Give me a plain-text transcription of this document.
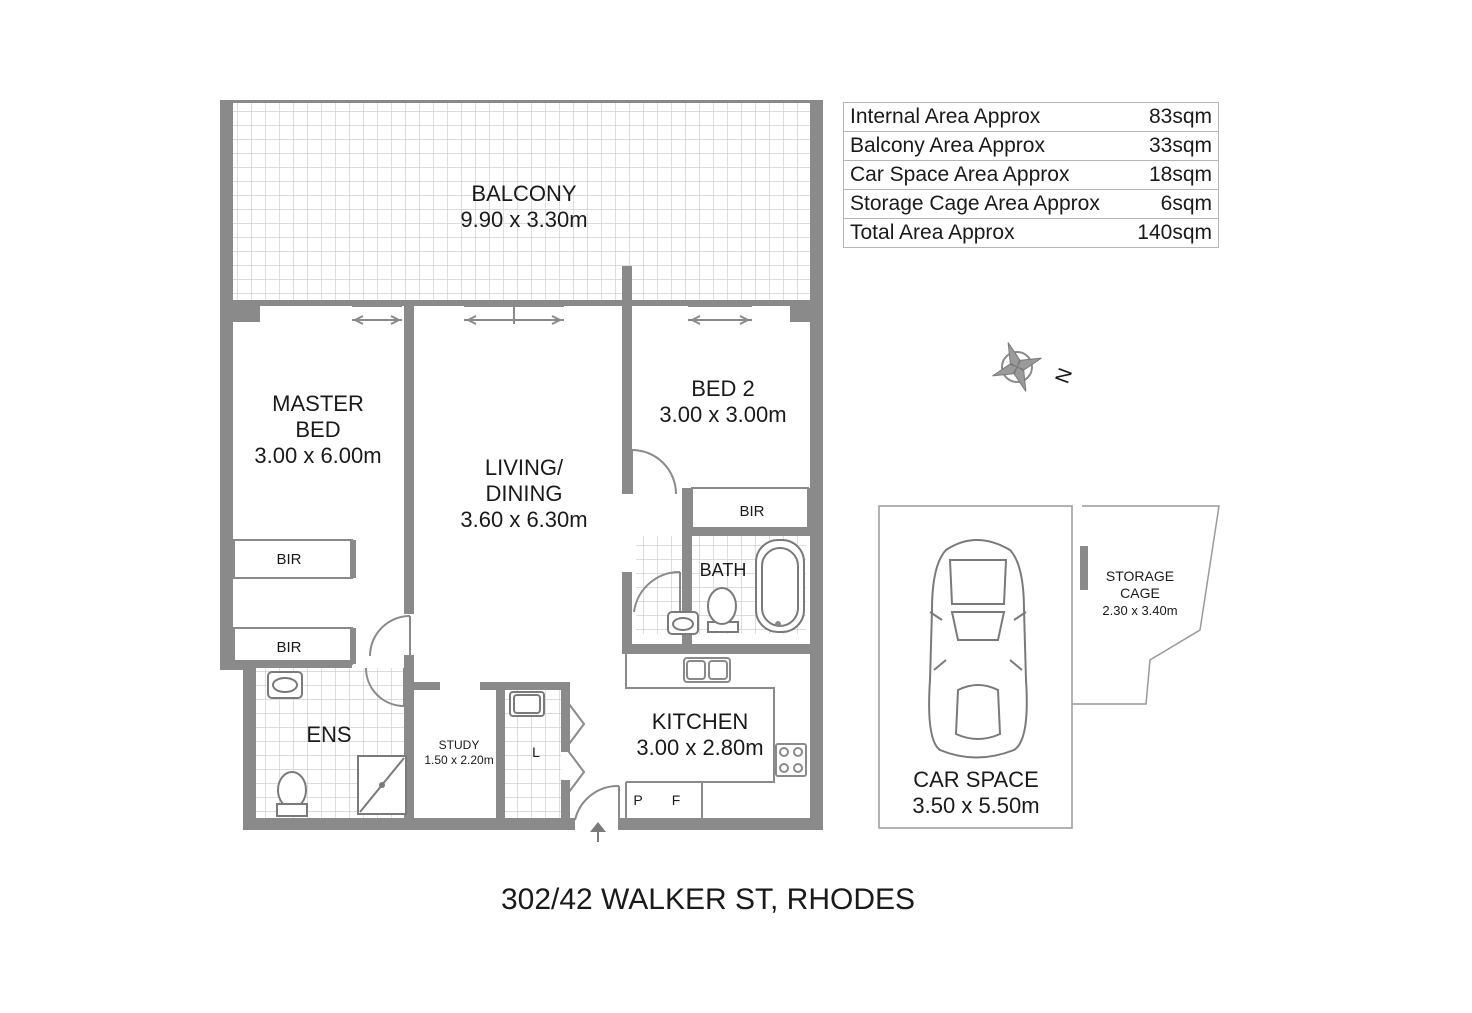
N
BALCONY
9.90 x 3.30m
MASTER
BED
3.00 x 6.00m	LIVING/
DINING
3.60 x 6.30m
BED 2
3.00 x 3.00m
BIR
BIR
BIR
BATH
ENS	STUDY
1.50 x 2.20m	L
KITCHEN
3.00 x 2.80m
P F
STORAGE
CAGE
2.30 x 3.40m
CAR SPACE
3.50 x 5.50m
Internal Area Approx	83sqm
Balcony Area Approx	33sqm
Car Space Area Approx	18sqm
Storage Cage Area Approx	6sqm
Total Area Approx	140sqm
302/42 WALKER ST, RHODES
